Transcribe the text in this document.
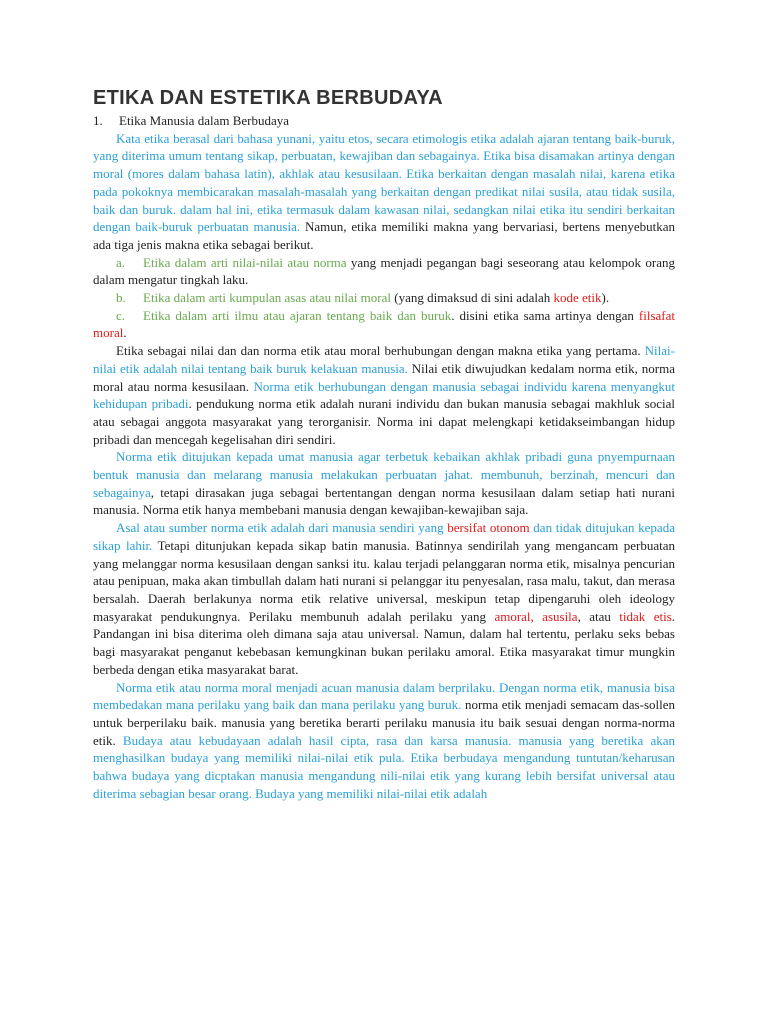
ETIKA DAN ESTETIKA BERBUDAYA
1. Etika Manusia dalam Berbudaya

Kata etika berasal dari bahasa yunani, yaitu etos, secara etimologis etika adalah ajaran tentang baik-buruk, yang diterima umum tentang sikap, perbuatan, kewajiban dan sebagainya. Etika bisa disamakan artinya dengan moral (mores dalam bahasa latin), akhlak atau kesusilaan. Etika berkaitan dengan masalah nilai, karena etika pada pokoknya membicarakan masalah-masalah yang berkaitan dengan predikat nilai susila, atau tidak susila, baik dan buruk. dalam hal ini, etika termasuk dalam kawasan nilai, sedangkan nilai etika itu sendiri berkaitan dengan baik-buruk perbuatan manusia. Namun, etika memiliki makna yang bervariasi, bertens menyebutkan ada tiga jenis makna etika sebagai berikut.

a. Etika dalam arti nilai-nilai atau norma yang menjadi pegangan bagi seseorang atau kelompok orang dalam mengatur tingkah laku.

b. Etika dalam arti kumpulan asas atau nilai moral (yang dimaksud di sini adalah kode etik).

c. Etika dalam arti ilmu atau ajaran tentang baik dan buruk. disini etika sama artinya dengan filsafat moral.

Etika sebagai nilai dan dan norma etik atau moral berhubungan dengan makna etika yang pertama. Nilai-nilai etik adalah nilai tentang baik buruk kelakuan manusia. Nilai etik diwujudkan kedalam norma etik, norma moral atau norma kesusilaan. Norma etik berhubungan dengan manusia sebagai individu karena menyangkut kehidupan pribadi. pendukung norma etik adalah nurani individu dan bukan manusia sebagai makhluk social atau sebagai anggota masyarakat yang terorganisir. Norma ini dapat melengkapi ketidakseimbangan hidup pribadi dan mencegah kegelisahan diri sendiri.

Norma etik ditujukan kepada umat manusia agar terbetuk kebaikan akhlak pribadi guna pnyempurnaan bentuk manusia dan melarang manusia melakukan perbuatan jahat. membunuh, berzinah, mencuri dan sebagainya, tetapi dirasakan juga sebagai bertentangan dengan norma kesusilaan dalam setiap hati nurani manusia. Norma etik hanya membebani manusia dengan kewajiban-kewajiban saja.

Asal atau sumber norma etik adalah dari manusia sendiri yang bersifat otonom dan tidak ditujukan kepada sikap lahir. Tetapi ditunjukan kepada sikap batin manusia. Batinnya sendirilah yang mengancam perbuatan yang melanggar norma kesusilaan dengan sanksi itu. kalau terjadi pelanggaran norma etik, misalnya pencurian atau penipuan, maka akan timbullah dalam hati nurani si pelanggar itu penyesalan, rasa malu, takut, dan merasa bersalah. Daerah berlakunya norma etik relative universal, meskipun tetap dipengaruhi oleh ideology masyarakat pendukungnya. Perilaku membunuh adalah perilaku yang amoral, asusila, atau tidak etis. Pandangan ini bisa diterima oleh dimana saja atau universal. Namun, dalam hal tertentu, perlaku seks bebas bagi masyarakat penganut kebebasan kemungkinan bukan perilaku amoral. Etika masyarakat timur mungkin berbeda dengan etika masyarakat barat.

Norma etik atau norma moral menjadi acuan manusia dalam berprilaku. Dengan norma etik, manusia bisa membedakan mana perilaku yang baik dan mana perilaku yang buruk. norma etik menjadi semacam das-sollen untuk berperilaku baik. manusia yang beretika berarti perilaku manusia itu baik sesuai dengan norma-norma etik. Budaya atau kebudayaan adalah hasil cipta, rasa dan karsa manusia. manusia yang beretika akan menghasilkan budaya yang memiliki nilai-nilai etik pula. Etika berbudaya mengandung tuntutan/keharusan bahwa budaya yang dicptakan manusia mengandung nili-nilai etik yang kurang lebih bersifat universal atau diterima sebagian besar orang. Budaya yang memiliki nilai-nilai etik adalah
